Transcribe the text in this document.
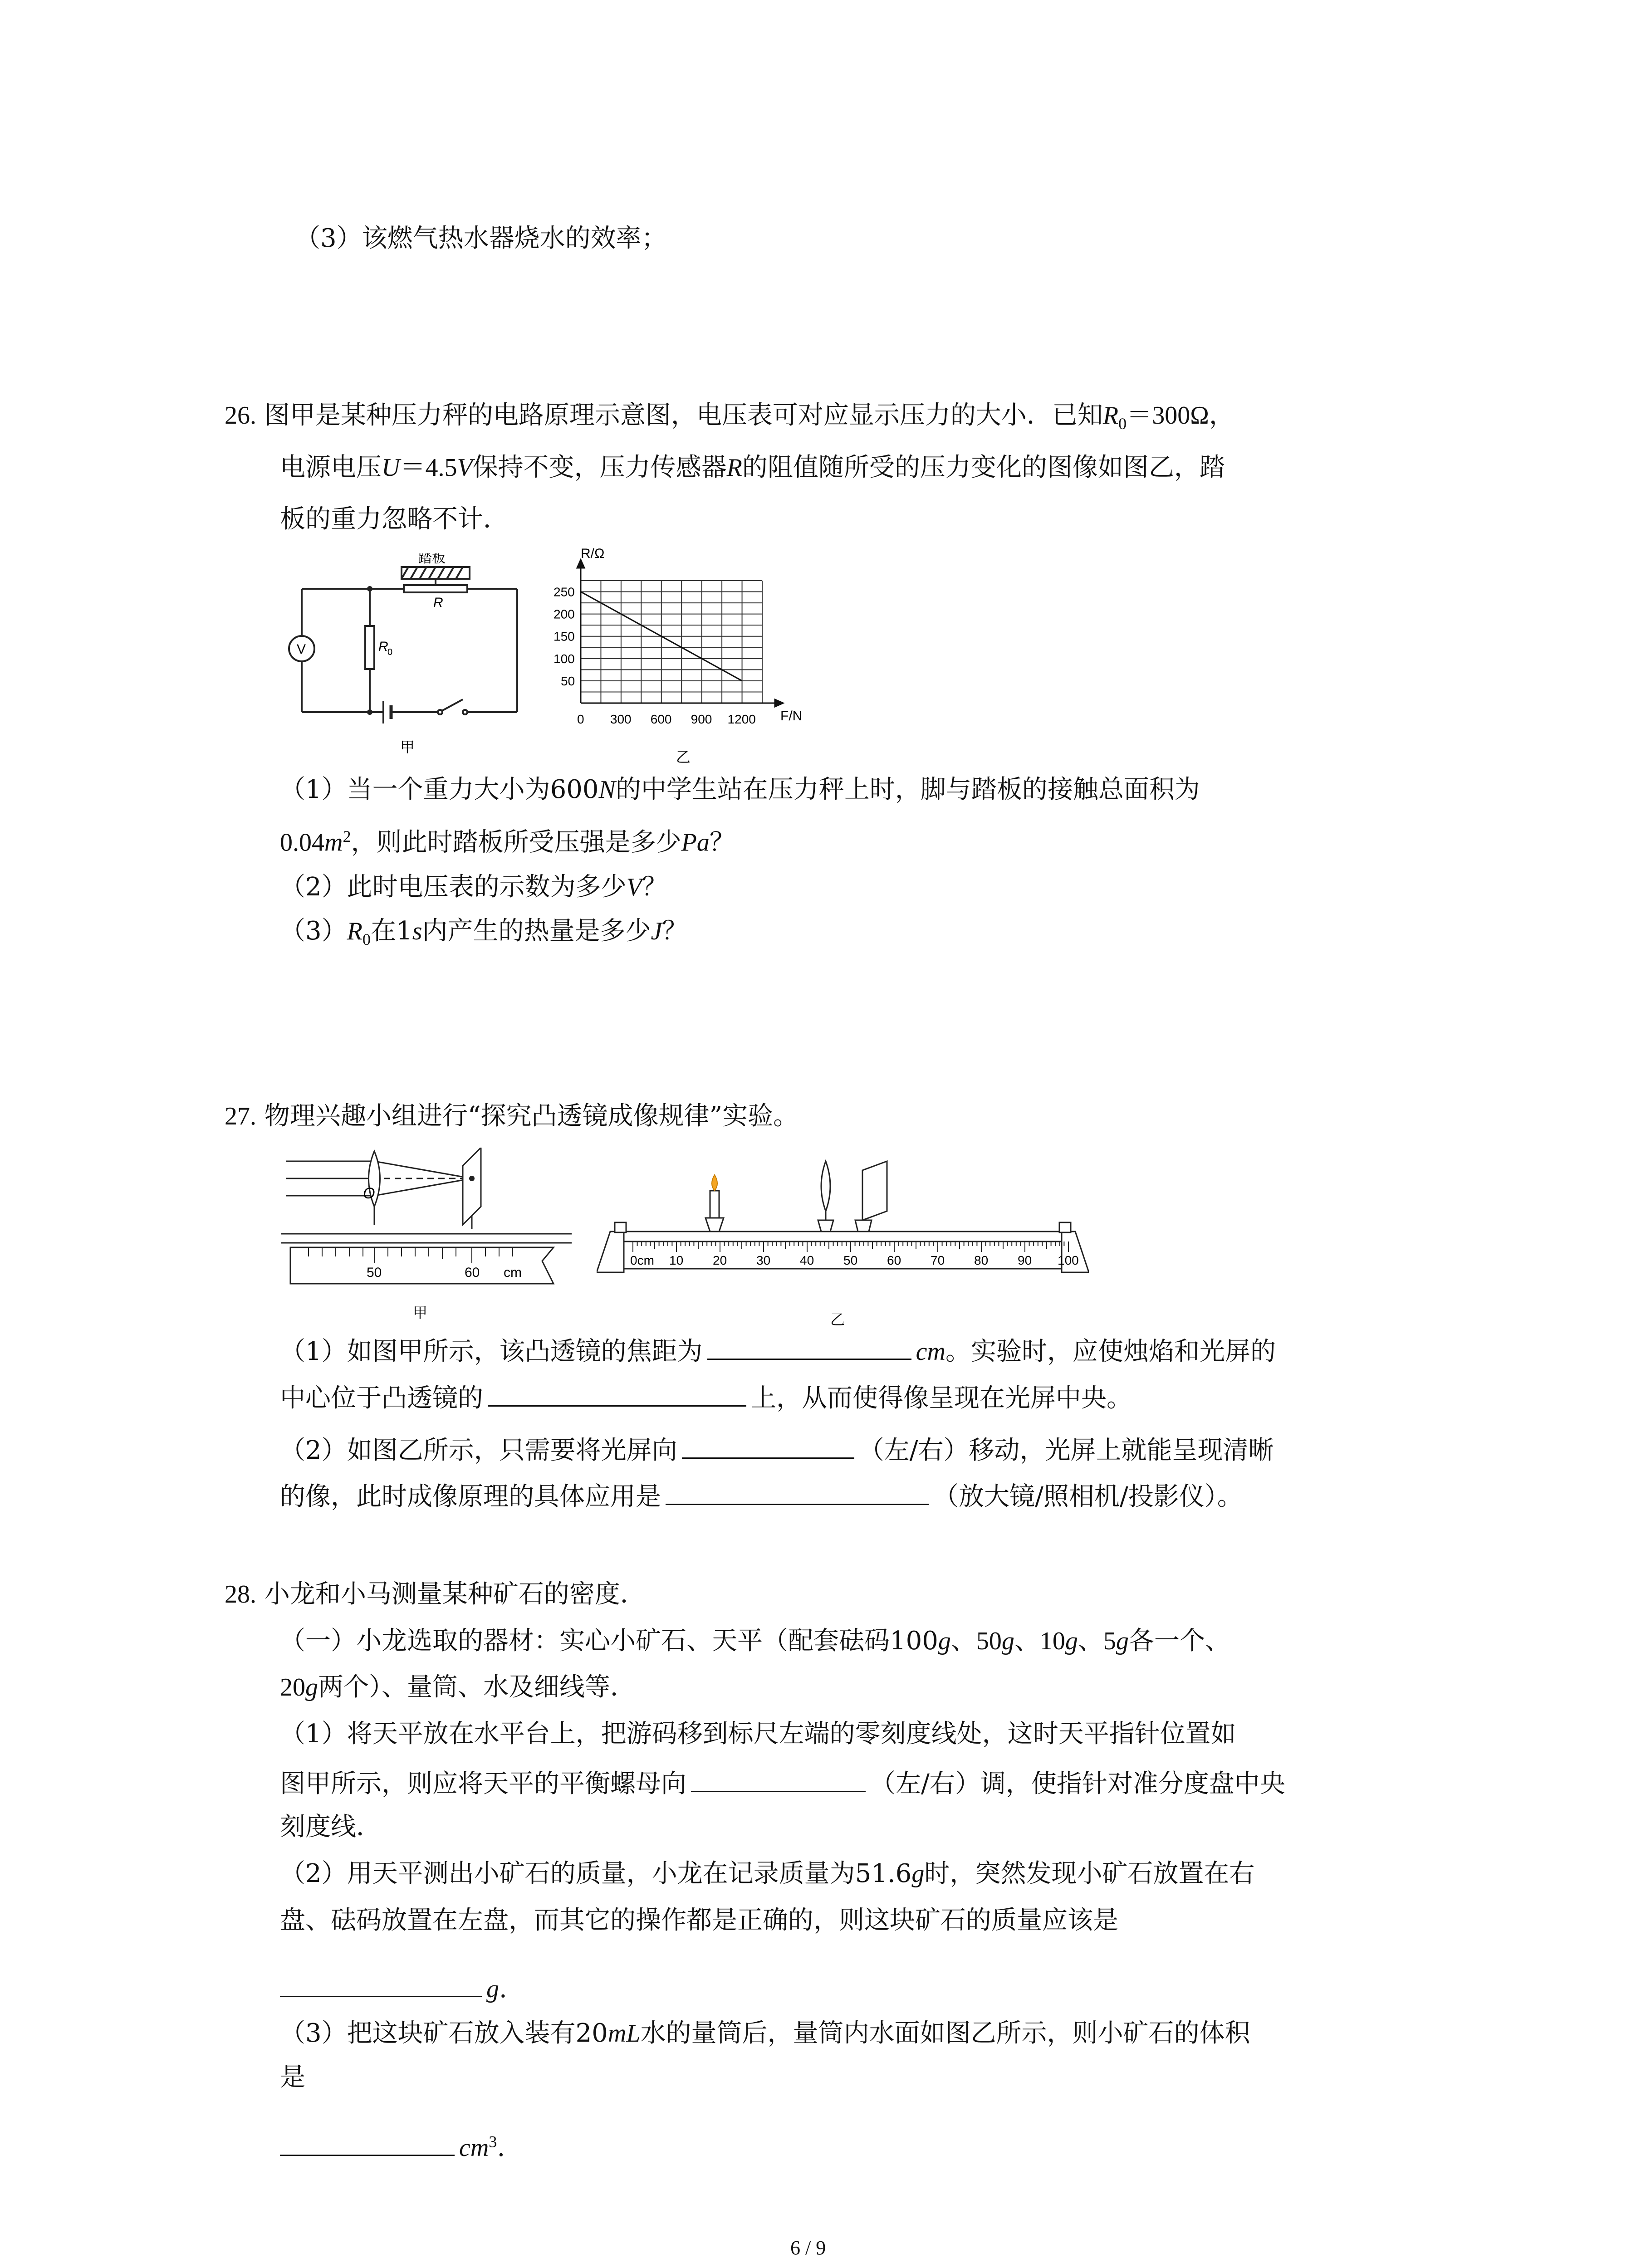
（3）该燃气热水器烧水的效率；
26. 图甲是某种压力秤的电路原理示意图，电压表可对应显示压力的大小．已知$R_0=300\Omega$，
电源电压U＝4.5V保持不变，压力传感器R的阻值随所受的压力变化的图像如图乙，踏
板的重力忽略不计．
踏板
R
R
0
V
甲
0 300 600 900 1200
50
100
150
200
250
R/Ω
F/N
乙
（1）当一个重力大小为600N的中学生站在压力秤上时，脚与踏板的接触总面积为
$0.04m^2$，则此时踏板所受压强是多少Pa？
（2）此时电压表的示数为多少V？
$(3)R_0$在1s内产生的热量是多少J？
27. 物理兴趣小组进行“探究凸透镜成像规律”实验。
O
50	60 cm
甲
0cm 10 20 30 40 50 60 70 80 90 100
乙
（1）如图甲所示，该凸透镜的焦距为	cm。实验时，应使烛焰和光屏的
中心位于凸透镜的	上，从而使得像呈现在光屏中央。
（2）如图乙所示，只需要将光屏向	（左/右）移动，光屏上就能呈现清晰
的像，此时成像原理的具体应用是	（放大镜/照相机/投影仪）。
28. 小龙和小马测量某种矿石的密度．
（一）小龙选取的器材：实心小矿石、天平（配套砝码100g、50g、10g、5g各一个、
20g两个）、量筒、水及细线等．
（1）将天平放在水平台上，把游码移到标尺左端的零刻度线处，这时天平指针位置如
图甲所示，则应将天平的平衡螺母向	（左/右）调，使指针对准分度盘中央
刻度线．
（2）用天平测出小矿石的质量，小龙在记录质量为51.6g时，突然发现小矿石放置在右
盘、砝码放置在左盘，而其它的操作都是正确的，则这块矿石的质量应该是
g.
（3）把这块矿石放入装有20mL水的量筒后，量筒内水面如图乙所示，则小矿石的体积
是
$cm^3$.
6 / 9
